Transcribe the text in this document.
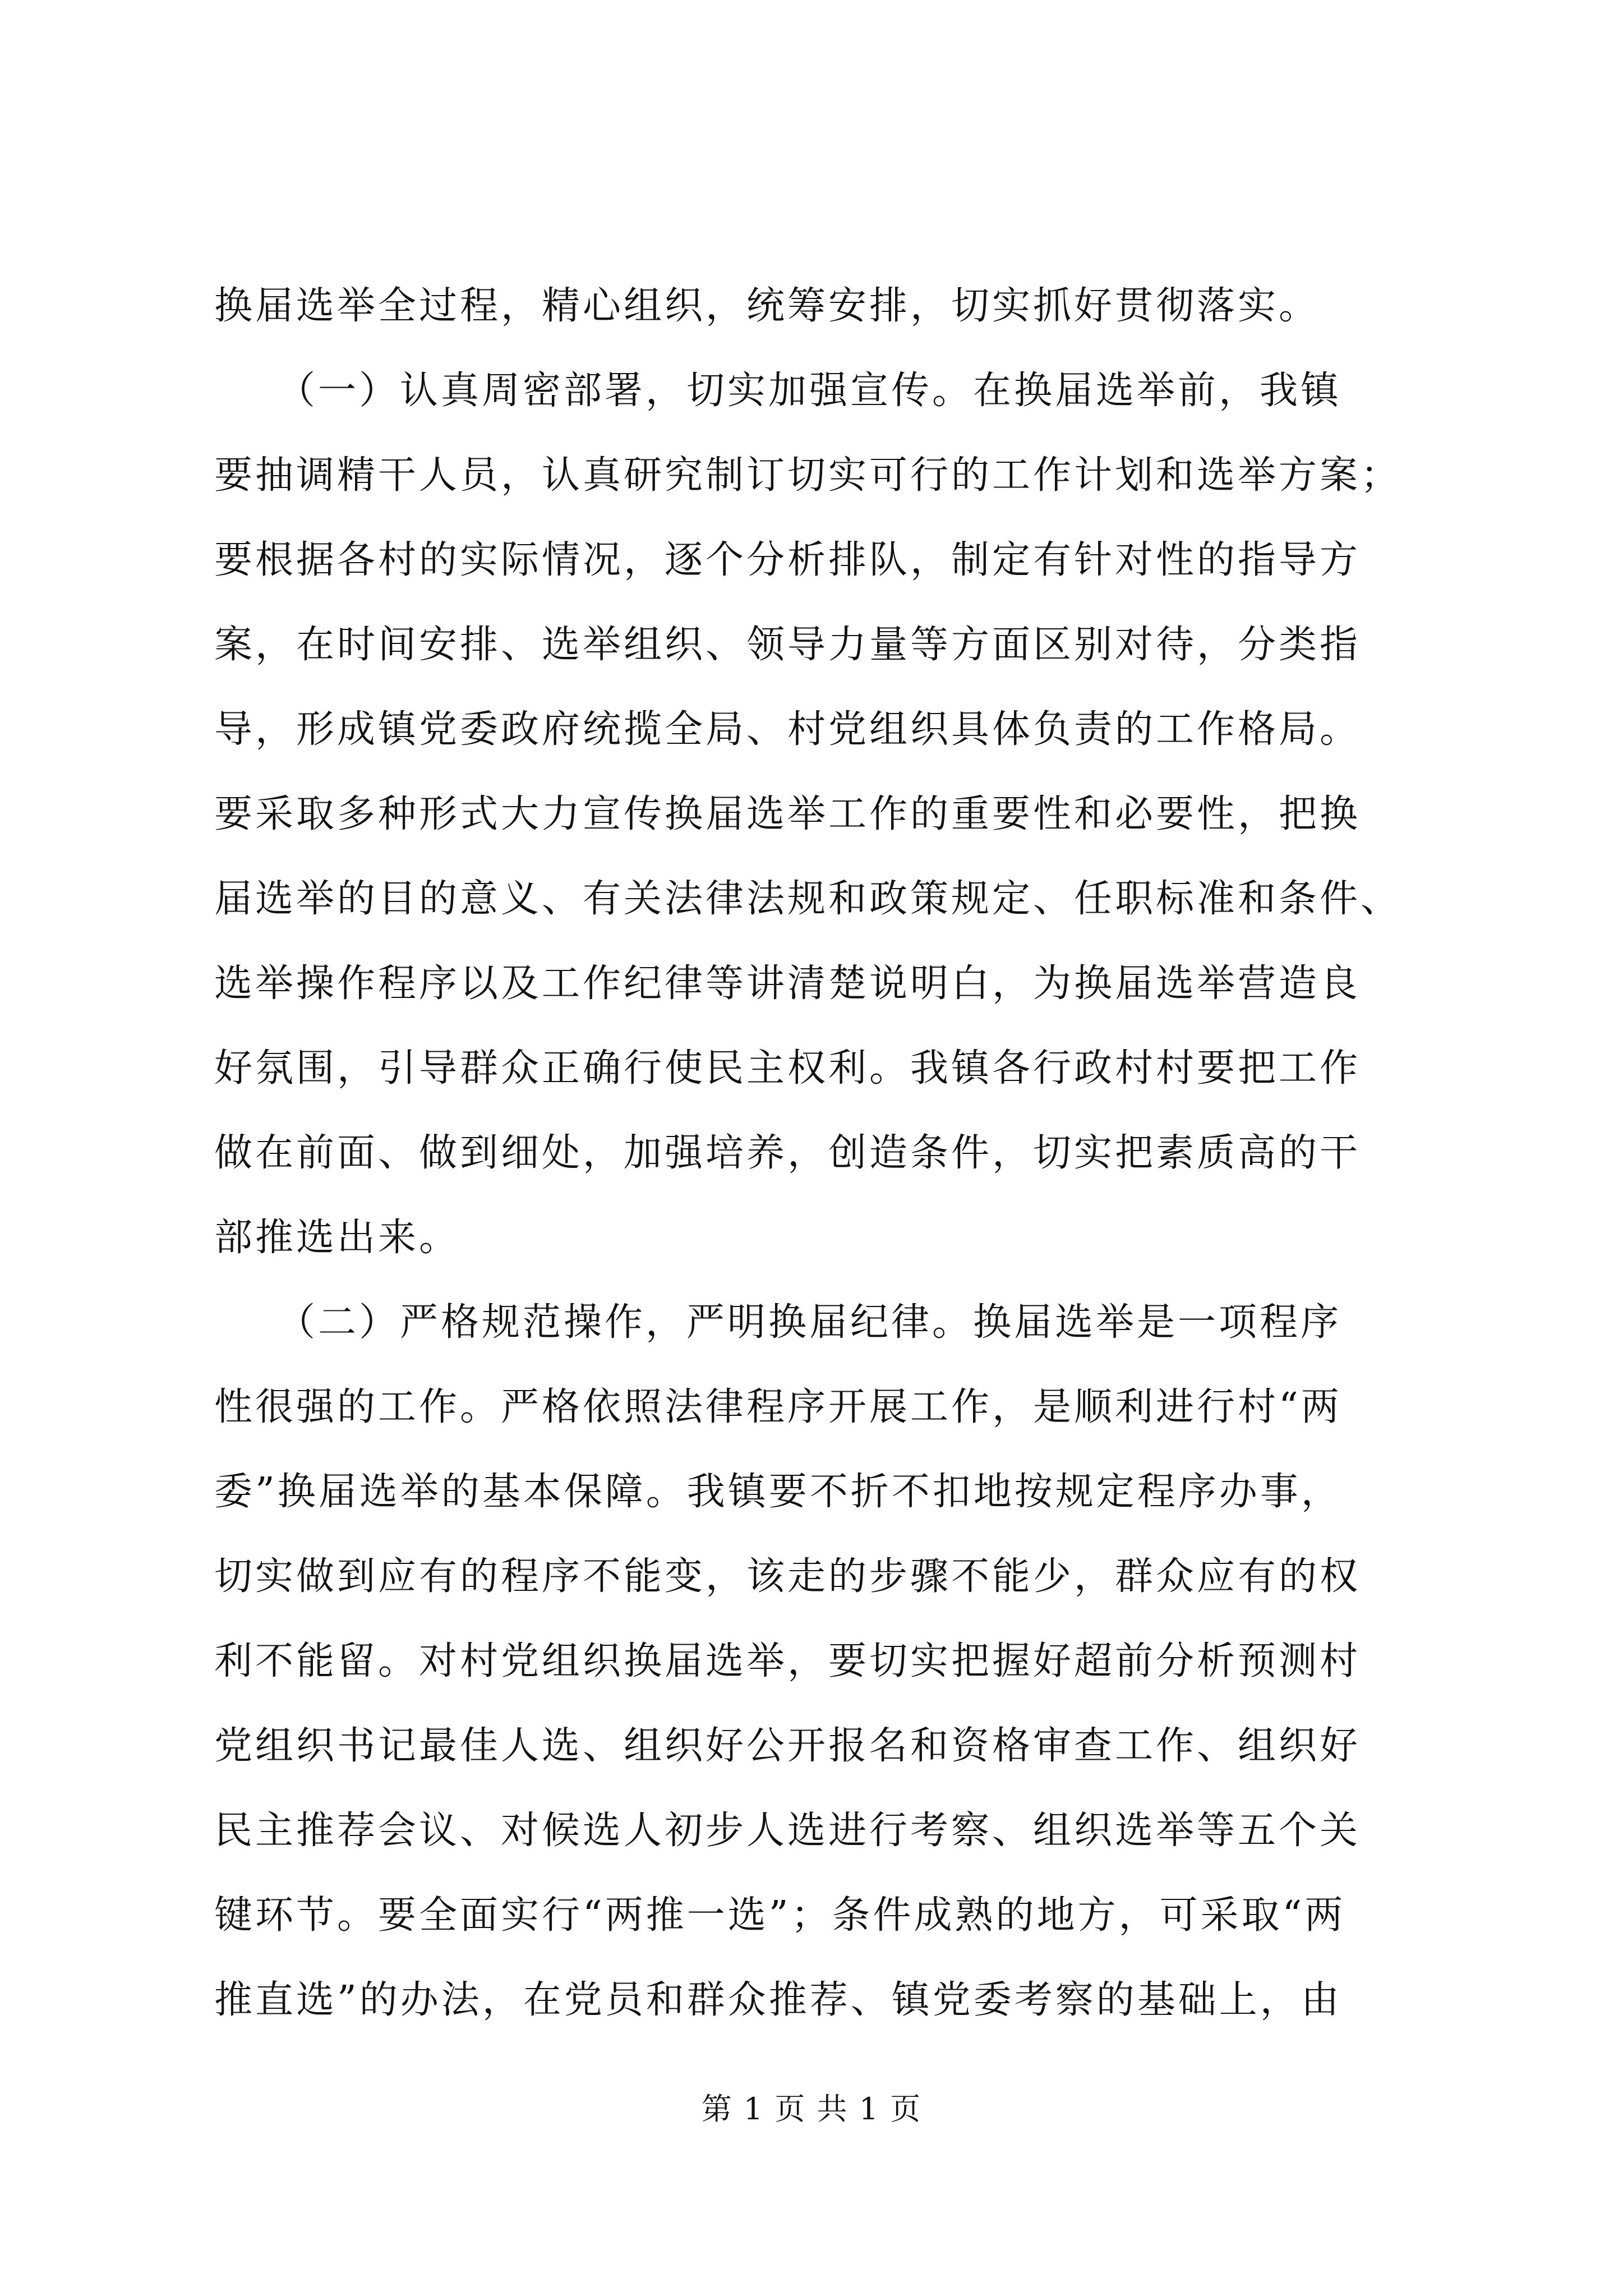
换届选举全过程，精心组织，统筹安排，切实抓好贯彻落实。
　　（一）认真周密部署，切实加强宣传。在换届选举前，我镇
要抽调精干人员，认真研究制订切实可行的工作计划和选举方案；
要根据各村的实际情况，逐个分析排队，制定有针对性的指导方
案，在时间安排、选举组织、领导力量等方面区别对待，分类指
导，形成镇党委政府统揽全局、村党组织具体负责的工作格局。
要采取多种形式大力宣传换届选举工作的重要性和必要性，把换
届选举的目的意义、有关法律法规和政策规定、任职标准和条件、
选举操作程序以及工作纪律等讲清楚说明白，为换届选举营造良
好氛围，引导群众正确行使民主权利。我镇各行政村村要把工作
做在前面、做到细处，加强培养，创造条件，切实把素质高的干
部推选出来。
　　（二）严格规范操作，严明换届纪律。换届选举是一项程序
性很强的工作。严格依照法律程序开展工作，是顺利进行村“两
委”换届选举的基本保障。我镇要不折不扣地按规定程序办事，
切实做到应有的程序不能变，该走的步骤不能少，群众应有的权
利不能留。对村党组织换届选举，要切实把握好超前分析预测村
党组织书记最佳人选、组织好公开报名和资格审查工作、组织好
民主推荐会议、对候选人初步人选进行考察、组织选举等五个关
键环节。要全面实行“两推一选”；条件成熟的地方，可采取“两
推直选”的办法，在党员和群众推荐、镇党委考察的基础上，由
第 1 页 共 1 页
